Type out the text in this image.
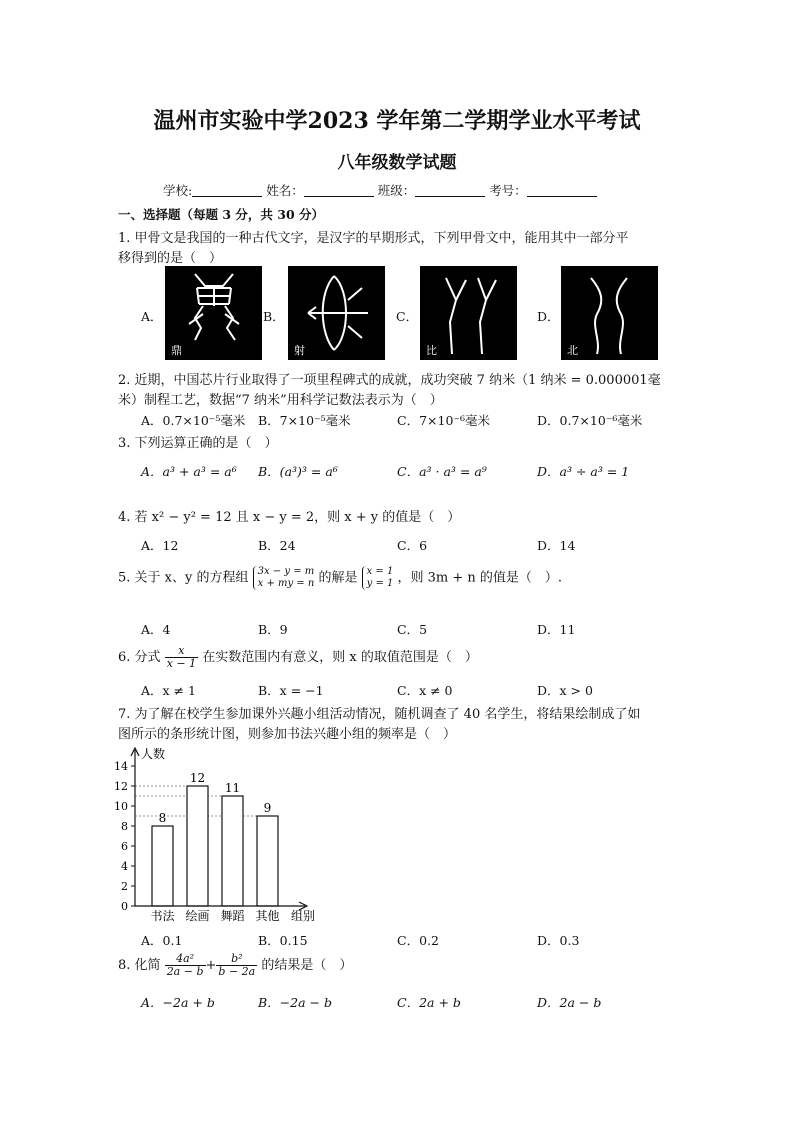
温州市实验中学2023 学年第二学期学业水平考试
八年级数学试题
学校:	姓名：	班级：	考号：
一、选择题（每题 3 分，共 30 分）
1. 甲骨文是我国的一种古代文字，是汉字的早期形式，下列甲骨文中，能用其中一部分平
移得到的是（　）
A．
鼎
B．
射
C．
比
D．
北
2. 近期，中国芯片行业取得了一项里程碑式的成就，成功突破 7 纳米（1 纳米 = 0.000001毫
米）制程工艺，数据“7 纳米”用科学记数法表示为（　）
A．0.7×10⁻⁵毫米 B．7×10⁻⁵毫米	C．7×10⁻⁶毫米	D．0.7×10⁻⁶毫米
3. 下列运算正确的是（　）
A．a³ + a³ = a⁶ B．(a³)³ = a⁶	C．a³ · a³ = a⁹	D．a³ ÷ a³ = 1
4. 若 x² − y² = 12 且 x − y = 2，则 x + y 的值是（　）
A．12	B．24	C．6	D．14
5. 关于 x、y 的方程组 3x − y = m
x + my = n 的解是 x = 1
y = 1 ，则 3m + n 的值是（　）.
A．4	B．9	C．5	D．11
6. 分式 $\frac{x}{x - 1}$ 在实数范围内有意义，则 x 的取值范围是（　）
A．x ≠ 1	B．x = −1	C．x ≠ 0	D．x > 0
7. 为了解在校学生参加课外兴趣小组活动情况，随机调查了 40 名学生，将结果绘制成了如
图所示的条形统计图，则参加书法兴趣小组的频率是（　）
0
2
4
6
8
10
12
14
8
书法
12
绘画
11
舞蹈
9
其他
人数
组别
A．0.1	B．0.15	C．0.2	D．0.3
8. 化简 $\frac{\text{4a²}}{2a - b} + \frac{\text{b²}}{b - 2a}$ 的结果是（　）
A．−2a + b	B．−2a − b	C．2a + b	D．2a − b
